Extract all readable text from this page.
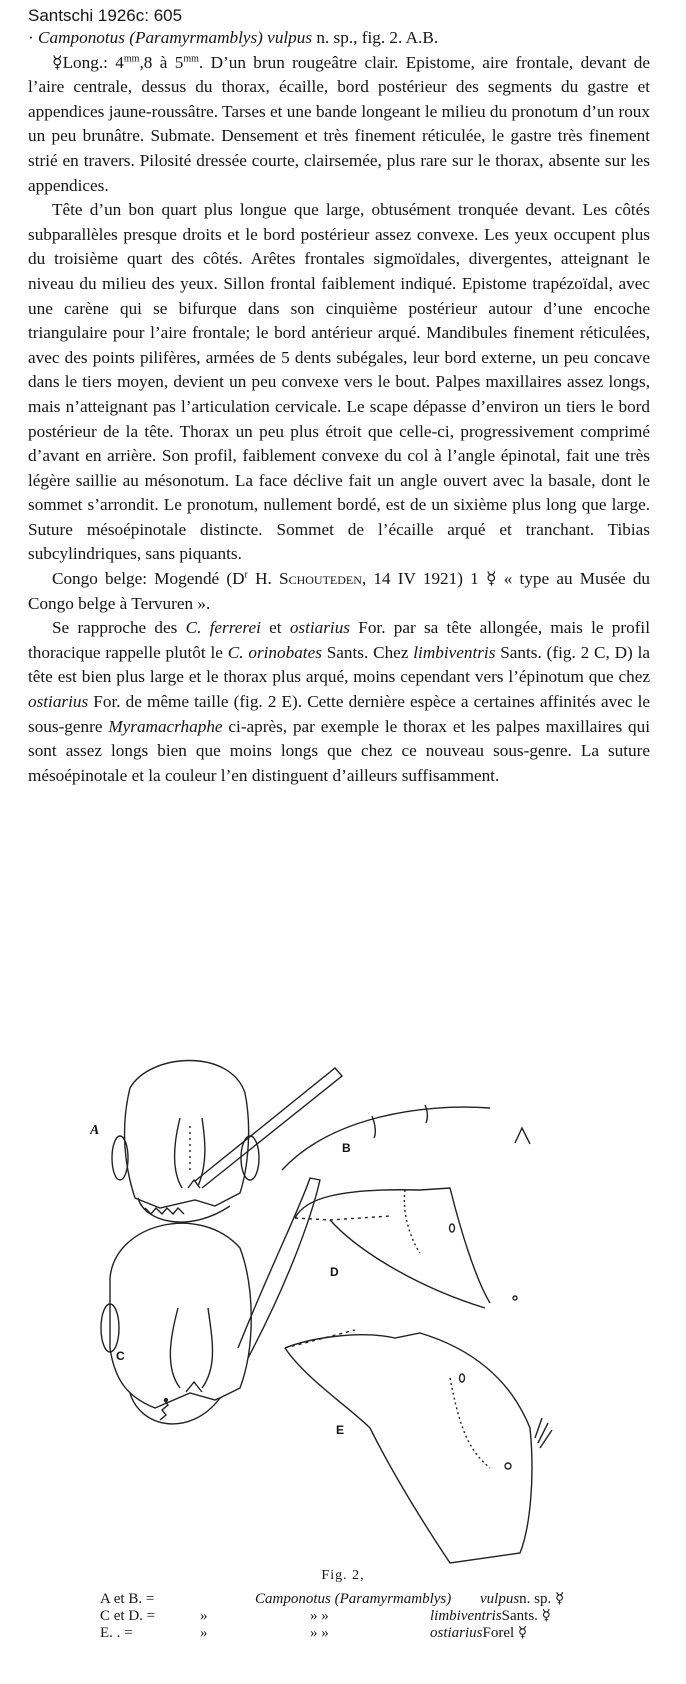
Santschi 1926c: 605

· Camponotus (Paramyrmamblys) vulpus n. sp., fig. 2. A.B.

☿Long.: $4^{mm},8$ à $5^{mm}$. D’un brun rougeâtre clair. Epistome, aire frontale, devant de l’aire centrale, dessus du thorax, écaille, bord postérieur des segments du gastre et appendices jaune-roussâtre. Tarses et une bande longeant le milieu du pronotum d’un roux un peu brunâtre. Submate. Densement et très finement réticulée, le gastre très finement strié en travers. Pilosité dressée courte, clairsemée, plus rare sur le thorax, absente sur les appendices.

Tête d’un bon quart plus longue que large, obtusément tronquée devant. Les côtés subparallèles presque droits et le bord postérieur assez convexe. Les yeux occupent plus du troisième quart des côtés. Arêtes frontales sigmoïdales, divergentes, atteignant le niveau du milieu des yeux. Sillon frontal faiblement indiqué. Epistome trapézoïdal, avec une carène qui se bifurque dans son cinquième postérieur autour d’une encoche triangulaire pour l’aire frontale; le bord antérieur arqué. Mandibules finement réticulées, avec des points pilifères, armées de 5 dents subégales, leur bord externe, un peu concave dans le tiers moyen, devient un peu convexe vers le bout. Palpes maxillaires assez longs, mais n’atteignant pas l’articulation cervicale. Le scape dépasse d’environ un tiers le bord postérieur de la tête. Thorax un peu plus étroit que celle-ci, progressivement comprimé d’avant en arrière. Son profil, faiblement convexe du col à l’angle épinotal, fait une très légère saillie au mésonotum. La face déclive fait un angle ouvert avec la basale, dont le sommet s’arrondit. Le pronotum, nullement bordé, est de un sixième plus long que large. Suture mésoépinotale distincte. Sommet de l’écaille arqué et tranchant. Tibias subcylindriques, sans piquants.

Congo belge: Mogendé ($D^r$ H. Schouteden, 14 IV 1921) 1 ☿ « type au Musée du Congo belge à Tervuren ».

Se rapproche des C. ferrerei et ostiarius For. par sa tête allongée, mais le profil thoracique rappelle plutôt le C. orinobates Sants. Chez limbiventris Sants. (fig. 2 C, D) la tête est bien plus large et le thorax plus arqué, moins cependant vers l’épinotum que chez ostiarius For. de même taille (fig. 2 E). Cette dernière espèce a certaines affinités avec le sous-genre Myramacrhaphe ci-après, par exemple le thorax et les palpes maxillaires qui sont assez longs bien que moins longs que chez ce nouveau sous-genre. La suture mésoépinotale et la couleur l’en distinguent d’ailleurs suffisamment.

A
B
C
D
E
Fig. 2,
A et B. =	Camponotus (Paramyrmamblys) vulpus n. sp. ☿
C et D. =	»	» »	limbiventris Sants. ☿
E. . =	»	» »	ostiarius Forel ☿
